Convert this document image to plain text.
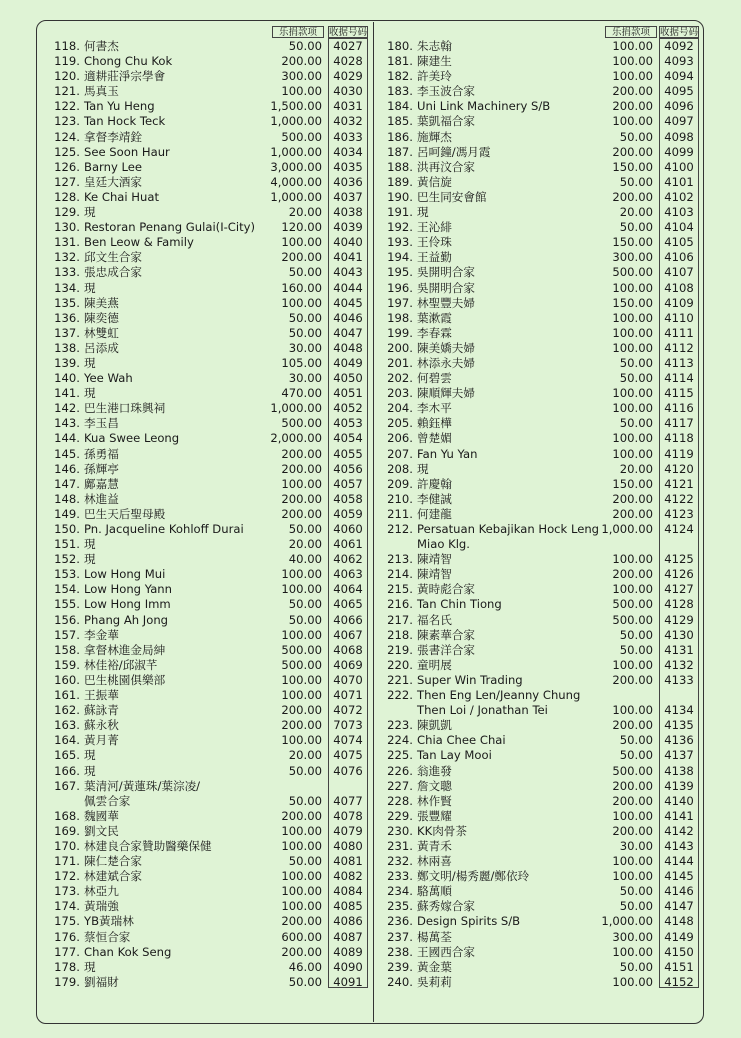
乐捐款项	收据号码
118. 何書杰	50.00 4027
119. Chong Chu Kok	200.00 4028
120. 適耕莊淨宗學會	300.00 4029
121. 馬真玉	100.00 4030
122. Tan Yu Heng	1,500.00 4031
123. Tan Hock Teck	1,000.00 4032
124. 拿督李靖銓	500.00 4033
125. See Soon Haur	1,000.00 4034
126. Barny Lee	3,000.00 4035
127. 皇廷大酒家	4,000.00 4036
128. Ke Chai Huat	1,000.00 4037
129. 現	20.00 4038
130. Restoran Penang Gulai(I-City)	120.00 4039
131. Ben Leow & Family	100.00 4040
132. 邱文生合家	200.00 4041
133. 張忠成合家	50.00 4043
134. 現	160.00 4044
135. 陳美燕	100.00 4045
136. 陳奕德	50.00 4046
137. 林雙虹	50.00 4047
138. 呂添成	30.00 4048
139. 現	105.00 4049
140. Yee Wah	30.00 4050
141. 現	470.00 4051
142. 巴生港口珠興祠	1,000.00 4052
143. 李玉昌	500.00 4053
144. Kua Swee Leong	2,000.00 4054
145. 孫勇福	200.00 4055
146. 孫輝亭	200.00 4056
147. 鄺嘉慧	100.00 4057
148. 林進益	200.00 4058
149. 巴生天后聖母殿	200.00 4059
150. Pn. Jacqueline Kohloff Durai	50.00 4060
151. 現	20.00 4061
152. 現	40.00 4062
153. Low Hong Mui	100.00 4063
154. Low Hong Yann	100.00 4064
155. Low Hong Imm	50.00 4065
156. Phang Ah Jong	50.00 4066
157. 李金華	100.00 4067
158. 拿督林進金局紳	500.00 4068
159. 林佳裕/邱淑芊	500.00 4069
160. 巴生桃園俱樂部	100.00 4070
161. 王振華	100.00 4071
162. 蘇詠青	200.00 4072
163. 蘇永秋	200.00 7073
164. 黃月菁	100.00 4074
165. 現	20.00 4075
166. 現	50.00 4076
167. 葉清河/黃蓮珠/葉淙凌/
佩雲合家	50.00 4077
168. 魏國華	200.00 4078
169. 劉文民	100.00 4079
170. 林建良合家贊助醫藥保健	100.00 4080
171. 陳仁楚合家	50.00 4081
172. 林建斌合家	100.00 4082
173. 林亞九	100.00 4084
174. 黃瑞強	100.00 4085
175. YB黃瑞林	200.00 4086
176. 蔡恒合家	600.00 4087
177. Chan Kok Seng	200.00 4089
178. 現	46.00 4090
179. 劉福財	50.00 4091
乐捐款项	收据号码
180. 朱志翰	100.00 4092
181. 陳建生	100.00 4093
182. 許美玲	100.00 4094
183. 李玉波合家	200.00 4095
184. Uni Link Machinery S/B	200.00 4096
185. 葉凱福合家	100.00 4097
186. 施輝杰	50.00 4098
187. 呂呵鐘/馮月霞	200.00 4099
188. 洪再汶合家	150.00 4100
189. 黃信旋	50.00 4101
190. 巴生同安會館	200.00 4102
191. 現	20.00 4103
192. 王沁緋	50.00 4104
193. 王伶珠	150.00 4105
194. 王益勤	300.00 4106
195. 吳開明合家	500.00 4107
196. 吳開明合家	100.00 4108
197. 林聖豐夫婦	150.00 4109
198. 葉漱霞	100.00 4110
199. 李春霖	100.00 4111
200. 陳美嬌夫婦	100.00 4112
201. 林添永夫婦	50.00 4113
202. 何碧雲	50.00 4114
203. 陳順輝夫婦	100.00 4115
204. 李木平	100.00 4116
205. 賴鈺樺	50.00 4117
206. 曾楚媚	100.00 4118
207. Fan Yu Yan	100.00 4119
208. 現	20.00 4120
209. 許慶翰	150.00 4121
210. 李健誠	200.00 4122
211. 何建龍	200.00 4123
212. Persatuan Kebajikan Hock Leng 1,000.00 4124
Miao Klg.
213. 陳靖智	100.00 4125
214. 陳靖智	200.00 4126
215. 黃時彪合家	100.00 4127
216. Tan Chin Tiong	500.00 4128
217. 福名氏	500.00 4129
218. 陳素華合家	50.00 4130
219. 張書洋合家	50.00 4131
220. 童明展	100.00 4132
221. Super Win Trading	200.00 4133
222. Then Eng Len/Jeanny Chung
Then Loi / Jonathan Tei	100.00 4134
223. 陳凱凱	200.00 4135
224. Chia Chee Chai	50.00 4136
225. Tan Lay Mooi	50.00 4137
226. 翁進發	500.00 4138
227. 詹文聰	200.00 4139
228. 林作賢	200.00 4140
229. 張豐耀	100.00 4141
230. KK肉骨茶	200.00 4142
231. 黃青禾	30.00 4143
232. 林兩喜	100.00 4144
233. 鄭文明/楊秀麗/鄭依玲	100.00 4145
234. 駱萬順	50.00 4146
235. 蘇秀嫁合家	50.00 4147
236. Design Spirits S/B	1,000.00 4148
237. 楊萬荃	300.00 4149
238. 王國西合家	100.00 4150
239. 黃金葉	50.00 4151
240. 吳莉莉	100.00 4152
